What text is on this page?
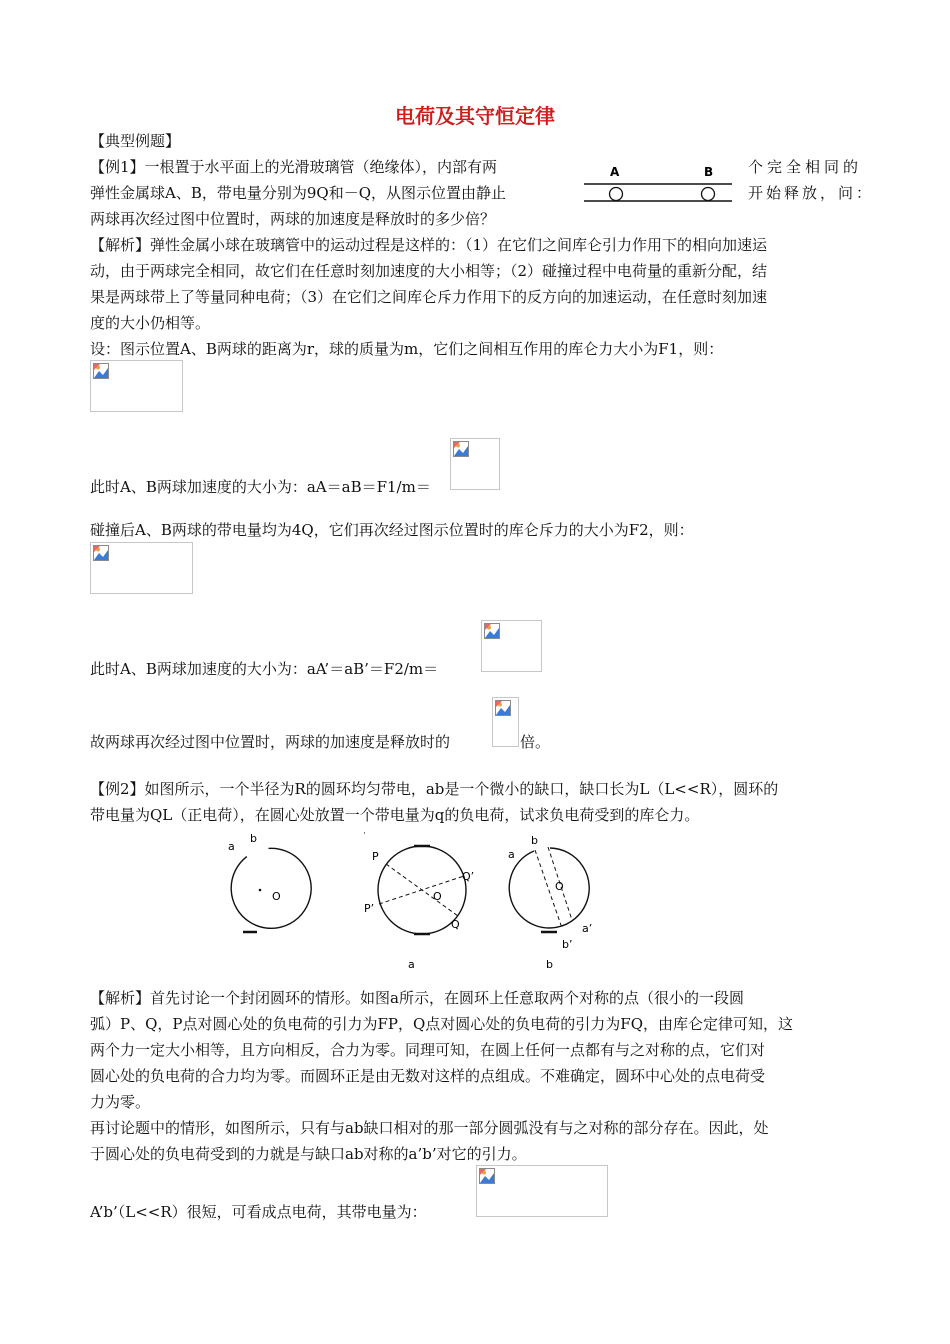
电荷及其守恒定律
【典型例题】
【例1】一根置于水平面上的光滑玻璃管（绝缘体），内部有两	个完全相同的
弹性金属球A、B，带电量分别为9Q和－Q，从图示位置由静止	开始释放，问：
两球再次经过图中位置时，两球的加速度是释放时的多少倍？
A	B
【解析】弹性金属小球在玻璃管中的运动过程是这样的：（1）在它们之间库仑引力作用下的相向加速运
动，由于两球完全相同，故它们在任意时刻加速度的大小相等；（2）碰撞过程中电荷量的重新分配，结
果是两球带上了等量同种电荷；（3）在它们之间库仑斥力作用下的反方向的加速运动，在任意时刻加速
度的大小仍相等。
设：图示位置A、B两球的距离为r，球的质量为m，它们之间相互作用的库仑力大小为F1，则：
此时A、B两球加速度的大小为：aA＝aB＝F1/m＝
碰撞后A、B两球的带电量均为4Q，它们再次经过图示位置时的库仑斥力的大小为F2，则：
此时A、B两球加速度的大小为：aA’＝aB’＝F2/m＝
故两球再次经过图中位置时，两球的加速度是释放时的	倍。
【例2】如图所示，一个半径为R的圆环均匀带电，ab是一个微小的缺口，缺口长为L（L<<R），圆环的
带电量为QL（正电荷），在圆心处放置一个带电量为q的负电荷，试求负电荷受到的库仑力。
a
b
O
·
P
P’
Q
Q’
O
a
a
b
O
a’
b’
b
【解析】首先讨论一个封闭圆环的情形。如图a所示，在圆环上任意取两个对称的点（很小的一段圆
弧）P、Q，P点对圆心处的负电荷的引力为FP，Q点对圆心处的负电荷的引力为FQ，由库仑定律可知，这
两个力一定大小相等，且方向相反，合力为零。同理可知，在圆上任何一点都有与之对称的点，它们对
圆心处的负电荷的合力均为零。而圆环正是由无数对这样的点组成。不难确定，圆环中心处的点电荷受
力为零。
再讨论题中的情形，如图所示，只有与ab缺口相对的那一部分圆弧没有与之对称的部分存在。因此，处
于圆心处的负电荷受到的力就是与缺口ab对称的a’b’对它的引力。
A’b’（L<<R）很短，可看成点电荷，其带电量为：
